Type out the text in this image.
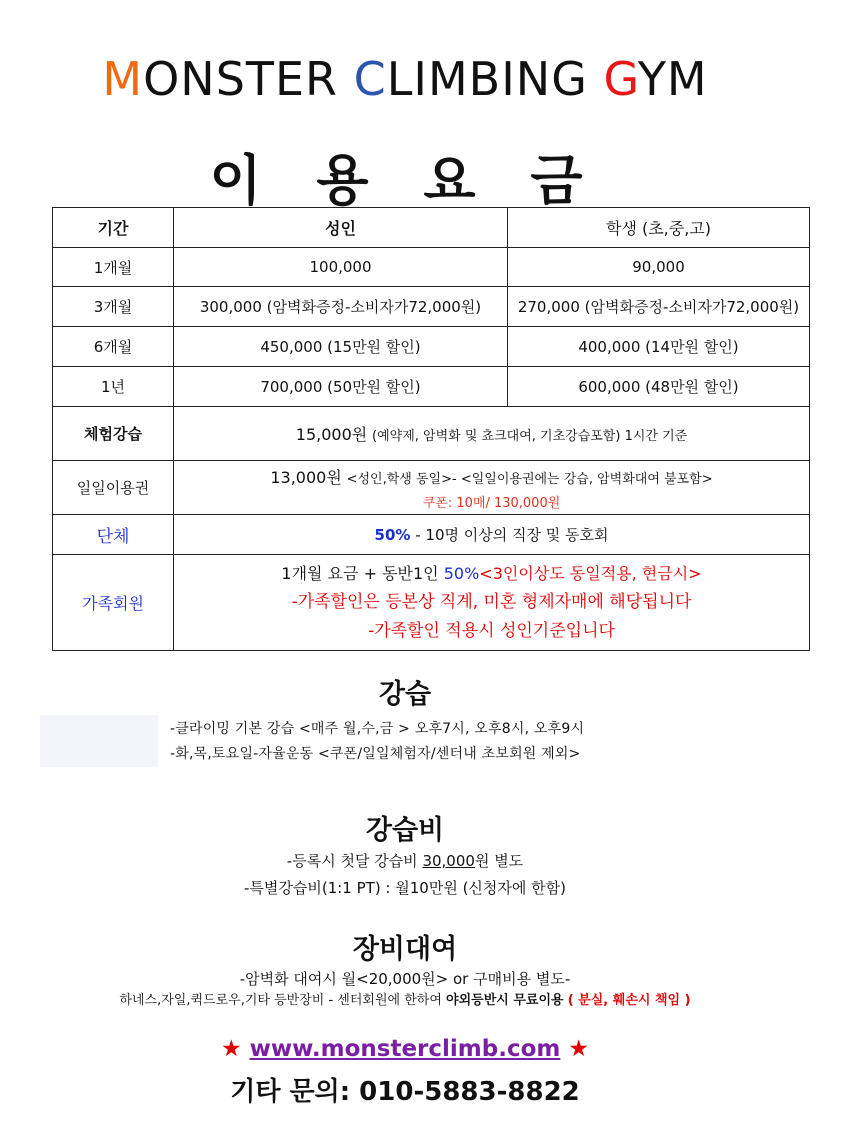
MONSTER CLIMBING GYM
이 용 요 금
기간	성인	학생 (초,중,고)
1개월	100,000	90,000
3개월	300,000 (암벽화증정-소비자가72,000원)	270,000 (암벽화증정-소비자가72,000원)
6개월	450,000 (15만원 할인)	400,000 (14만원 할인)
1년	700,000 (50만원 할인)	600,000 (48만원 할인)
체험강습	15,000원 (예약제, 암벽화 및 쵸크대여, 기초강습포함) 1시간 기준	
일일이용권	13,000원 <성인,학생 동일>- <일일이용권에는 강습, 암벽화대여 불포함>
쿠폰: 10매/ 130,000원	

단체	50% - 10명 이상의 직장 및 동호회	
가족회원	1개월 요금 + 동반1인 50%<3인이상도 동일적용, 현금시>
-가족할인은 등본상 직계, 미혼 형제자매에 해당됩니다
-가족할인 적용시 성인기준입니다	
강습
-클라이밍 기본 강습 <매주 월,수,금 > 오후7시, 오후8시, 오후9시
-화,목,토요일-자율운동 <쿠폰/일일체험자/센터내 초보회원 제외>
강습비
-등록시 첫달 강습비 30,000원 별도
-특별강습비(1:1 PT) : 월10만원 (신청자에 한함)
장비대여
-암벽화 대여시 월<20,000원> or 구매비용 별도-
하네스,자일,퀵드로우,기타 등반장비 - 센터회원에 한하여 야외등반시 무료이용 ( 분실, 훼손시 책임 )
★ www.monsterclimb.com ★
기타 문의: 010-5883-8822
